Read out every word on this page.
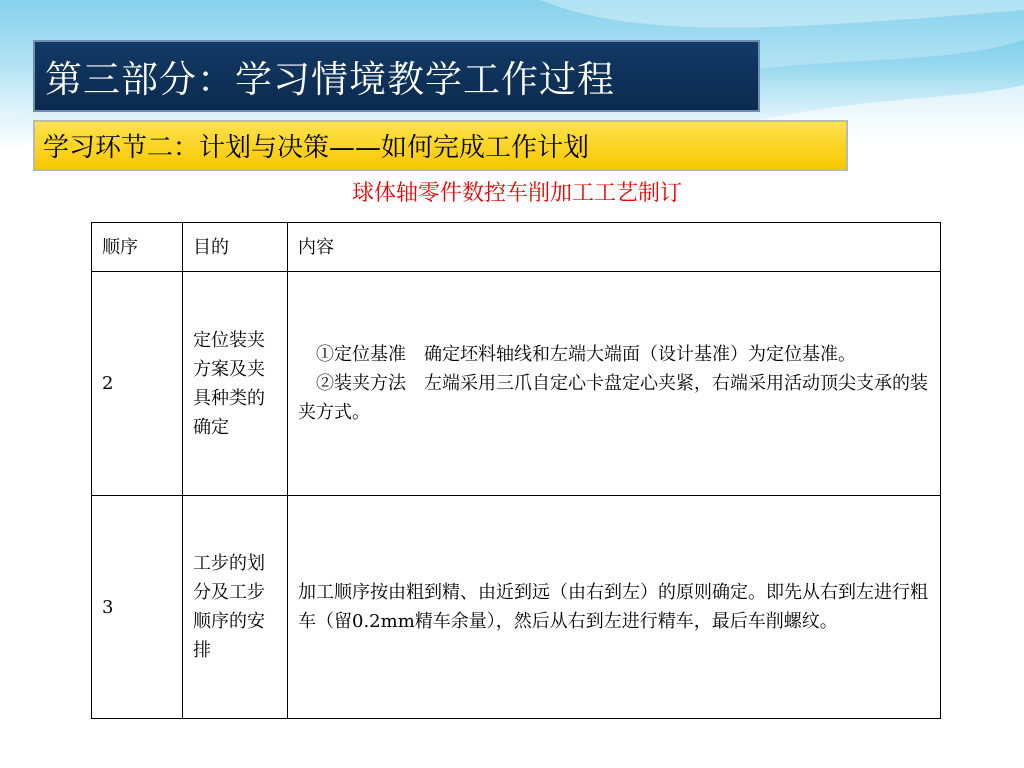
第三部分：学习情境教学工作过程
学习环节二：计划与决策——如何完成工作计划
球体轴零件数控车削加工工艺制订
顺序	目的	内容
2	定位装夹方案及夹具种类的确定	①定位基准　确定坯料轴线和左端大端面（设计基准）为定位基准。

②装夹方法　左端采用三爪自定心卡盘定心夹紧，右端采用活动顶尖支承的装夹方式。

3	工步的划分及工步顺序的安排	加工顺序按由粗到精、由近到远（由右到左）的原则确定。即先从右到左进行粗车（留0.2mm精车余量），然后从右到左进行精车，最后车削螺纹。
